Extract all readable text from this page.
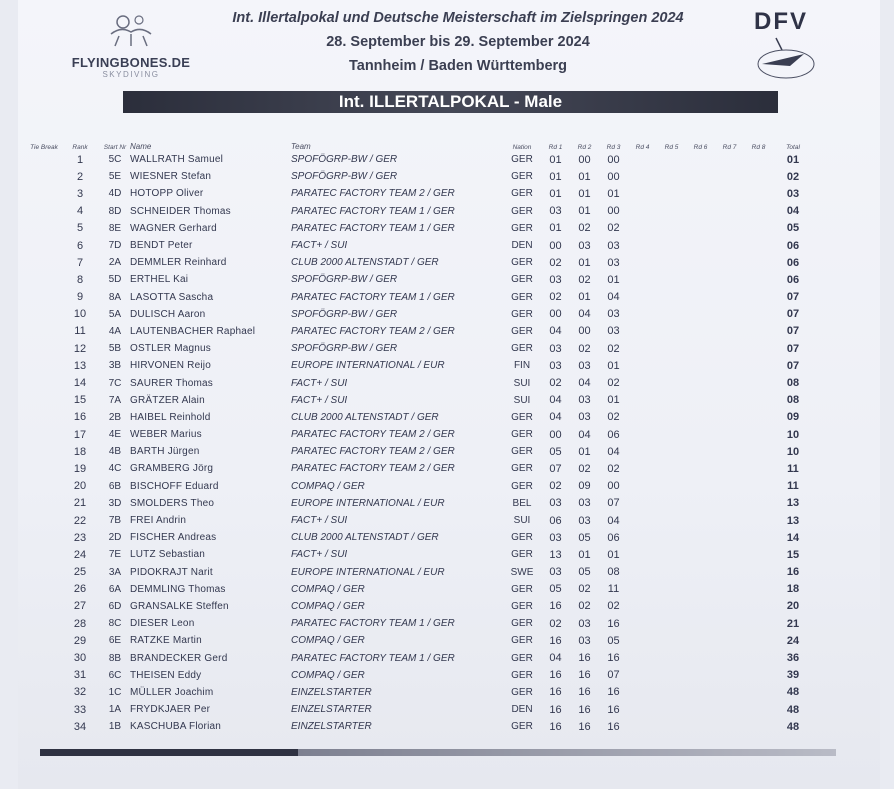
FLYINGBONES.DE
SKYDIVING
Int. Illertalpokal und Deutsche Meisterschaft im Zielspringen 2024
28. September bis 29. September 2024
Tannheim / Baden Württemberg
DFV
Int. ILLERTALPOKAL - Male
Tie Break	Rank	Start Nr	Name	Team	Nation	Rd 1	Rd 2	Rd 3	Rd 4	Rd 5	Rd 6	Rd 7	Rd 8	Total
	1	5C	WALLRATH Samuel	SPOFÖGRP-BW / GER	GER	01	00	00						01
	2	5E	WIESNER Stefan	SPOFÖGRP-BW / GER	GER	01	01	00						02
	3	4D	HOTOPP Oliver	PARATEC FACTORY TEAM 2 / GER	GER	01	01	01						03
	4	8D	SCHNEIDER Thomas	PARATEC FACTORY TEAM 1 / GER	GER	03	01	00						04
	5	8E	WAGNER Gerhard	PARATEC FACTORY TEAM 1 / GER	GER	01	02	02						05
	6	7D	BENDT Peter	FACT+ / SUI	DEN	00	03	03						06
	7	2A	DEMMLER Reinhard	CLUB 2000 ALTENSTADT / GER	GER	02	01	03						06
	8	5D	ERTHEL Kai	SPOFÖGRP-BW / GER	GER	03	02	01						06
	9	8A	LASOTTA Sascha	PARATEC FACTORY TEAM 1 / GER	GER	02	01	04						07
	10	5A	DULISCH Aaron	SPOFÖGRP-BW / GER	GER	00	04	03						07
	11	4A	LAUTENBACHER Raphael	PARATEC FACTORY TEAM 2 / GER	GER	04	00	03						07
	12	5B	OSTLER Magnus	SPOFÖGRP-BW / GER	GER	03	02	02						07
	13	3B	HIRVONEN Reijo	EUROPE INTERNATIONAL / EUR	FIN	03	03	01						07
	14	7C	SAURER Thomas	FACT+ / SUI	SUI	02	04	02						08
	15	7A	GRÄTZER Alain	FACT+ / SUI	SUI	04	03	01						08
	16	2B	HAIBEL Reinhold	CLUB 2000 ALTENSTADT / GER	GER	04	03	02						09
	17	4E	WEBER Marius	PARATEC FACTORY TEAM 2 / GER	GER	00	04	06						10
	18	4B	BARTH Jürgen	PARATEC FACTORY TEAM 2 / GER	GER	05	01	04						10
	19	4C	GRAMBERG Jörg	PARATEC FACTORY TEAM 2 / GER	GER	07	02	02						11
	20	6B	BISCHOFF Eduard	COMPAQ / GER	GER	02	09	00						11
	21	3D	SMOLDERS Theo	EUROPE INTERNATIONAL / EUR	BEL	03	03	07						13
	22	7B	FREI Andrin	FACT+ / SUI	SUI	06	03	04						13
	23	2D	FISCHER Andreas	CLUB 2000 ALTENSTADT / GER	GER	03	05	06						14
	24	7E	LUTZ Sebastian	FACT+ / SUI	GER	13	01	01						15
	25	3A	PIDOKRAJT Narit	EUROPE INTERNATIONAL / EUR	SWE	03	05	08						16
	26	6A	DEMMLING Thomas	COMPAQ / GER	GER	05	02	11						18
	27	6D	GRANSALKE Steffen	COMPAQ / GER	GER	16	02	02						20
	28	8C	DIESER Leon	PARATEC FACTORY TEAM 1 / GER	GER	02	03	16						21
	29	6E	RATZKE Martin	COMPAQ / GER	GER	16	03	05						24
	30	8B	BRANDECKER Gerd	PARATEC FACTORY TEAM 1 / GER	GER	04	16	16						36
	31	6C	THEISEN Eddy	COMPAQ / GER	GER	16	16	07						39
	32	1C	MÜLLER Joachim	EINZELSTARTER	GER	16	16	16						48
	33	1A	FRYDKJAER Per	EINZELSTARTER	DEN	16	16	16						48
	34	1B	KASCHUBA Florian	EINZELSTARTER	GER	16	16	16						48
